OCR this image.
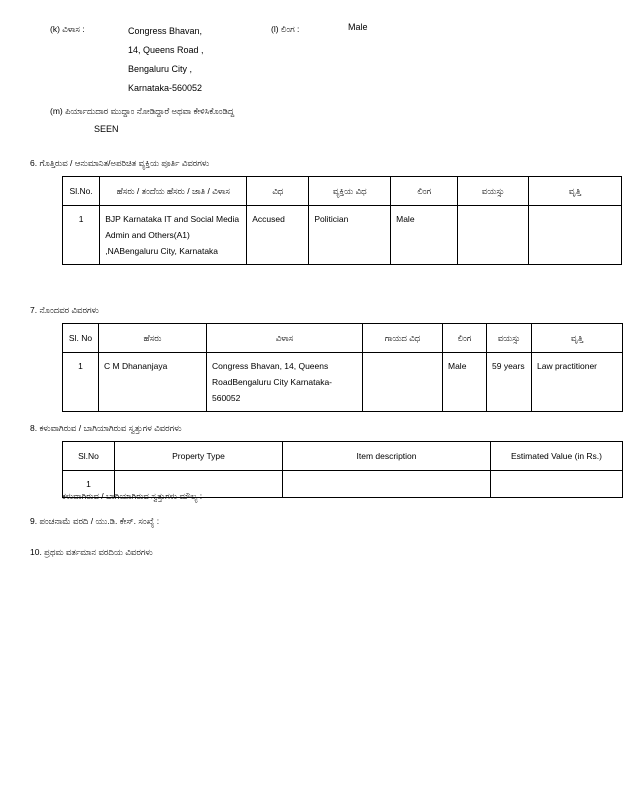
(k) ವಿಳಾಸ :	Congress Bhavan,
14, Queens Road ,
Bengaluru City ,
Karnataka-560052
(l) ಲಿಂಗ :	Male
(m) ಪಿರ್ಯಾದುದಾರ ಮುದ್ದಾಂ ನೋಡಿದ್ದಾರೆ ಅಥವಾ ಕೇಳಿಸಿಕೊಂಡಿದ್ದ
SEEN
6. ಗೊತ್ತಿರುವ / ಆನುಮಾನಿತ/ಅಪರಿಚಿತ ವ್ಯಕ್ತಿಯ ಪೂರ್ತಿ ವಿವರಗಳು
Sl.No.	ಹೆಸರು / ತಂದೆಯ ಹೆಸರು / ಜಾತಿ / ವಿಳಾಸ	ವಿಧ	ವ್ಯಕ್ತಿಯ ವಿಧ	ಲಿಂಗ	ವಯಸ್ಸು	ವೃತ್ತಿ
1	BJP Karnataka IT and Social Media Admin and Others(A1) ,NABengaluru City, Karnataka	Accused	Politician	Male		
7. ನೊಂದವರ ವಿವರಗಳು
Sl. No	ಹೆಸರು	ವಿಳಾಸ	ಗಾಯದ ವಿಧ	ಲಿಂಗ	ವಯಸ್ಸು	ವೃತ್ತಿ
1	C M Dhananjaya	Congress Bhavan, 14, Queens RoadBengaluru City Karnataka-560052		Male	59 years	Law practitioner
8. ಕಳುವಾಗಿರುವ / ಬಾಗಿಯಾಗಿರುವ ಸ್ವತ್ತುಗಳ ವಿವರಗಳು
Sl.No	Property Type	Item description	Estimated Value (in Rs.)
1			
ಕಳುವಾಗಿರುವ / ಬಾಗಿಯಾಗಿರುವ ಸ್ವತ್ತುಗಳು ಮೌಲ್ಯ :
9. ಪಂಚನಾಮೆ ವರದಿ / ಯು.ಡಿ. ಕೇಸ್. ಸಂಖ್ಯೆ :
10. ಪ್ರಥಮ ವರ್ತಮಾನ ವರದಿಯ ವಿವರಗಳು
